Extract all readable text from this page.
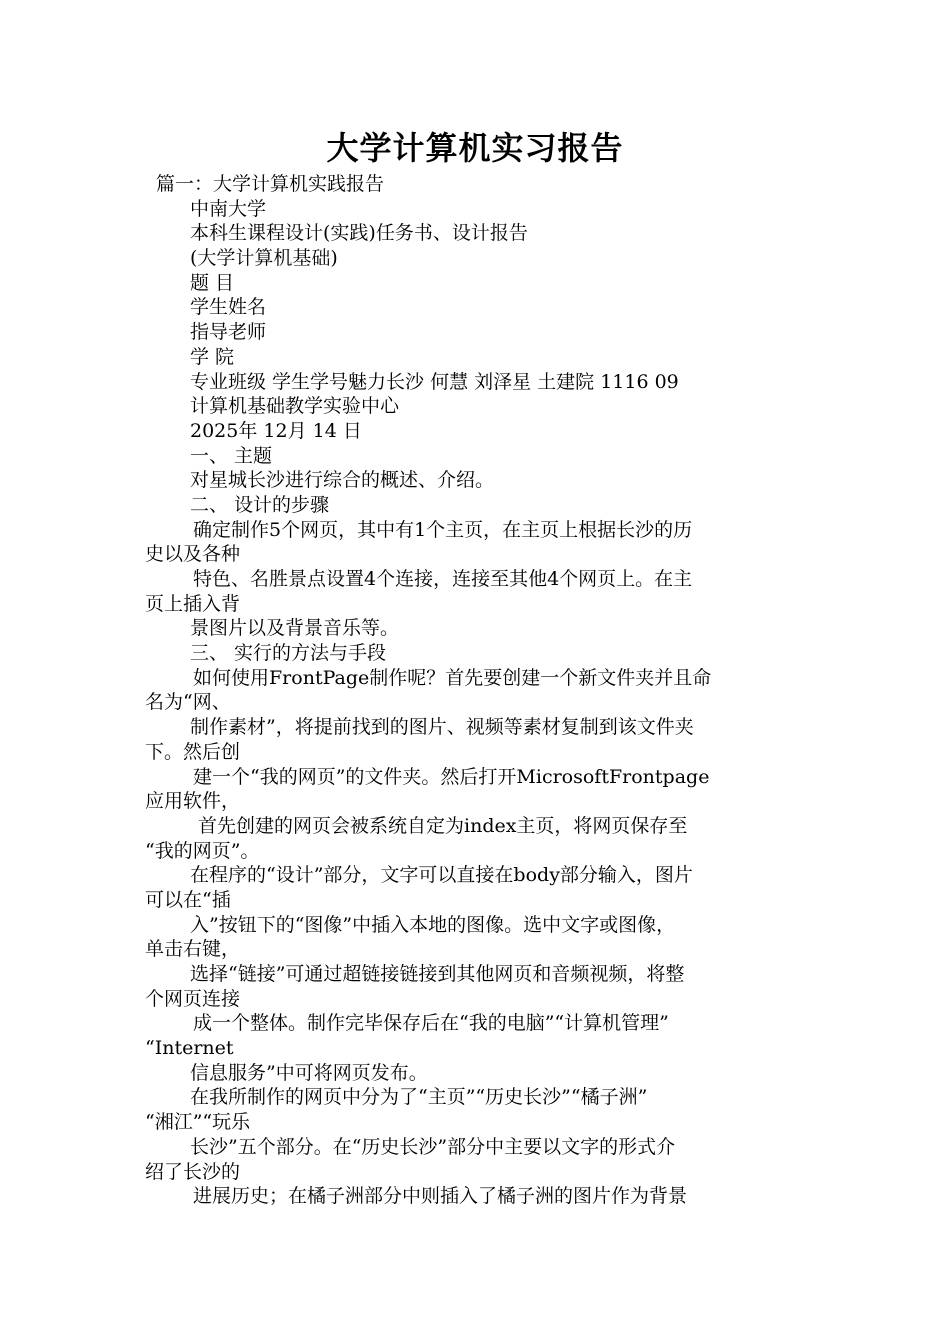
大学计算机实习报告
篇一：大学计算机实践报告
中南大学
本科生课程设计(实践)任务书、设计报告
(大学计算机基础)
题 目
学生姓名
指导老师
学 院
专业班级 学生学号魅力长沙 何慧 刘泽星 土建院 1116 09
计算机基础教学实验中心
2025年 12月 14 日
一、 主题
对星城长沙进行综合的概述、介绍。
二、 设计的步骤
确定制作5个网页，其中有1个主页，在主页上根据长沙的历
史以及各种
特色、名胜景点设置4个连接，连接至其他4个网页上。在主
页上插入背
景图片以及背景音乐等。
三、 实行的方法与手段
如何使用FrontPage制作呢？首先要创建一个新文件夹并且命
名为“网、
制作素材”，将提前找到的图片、视频等素材复制到该文件夹
下。然后创
建一个“我的网页”的文件夹。然后打开MicrosoftFrontpage
应用软件，
首先创建的网页会被系统自定为index主页，将网页保存至
“我的网页”。
在程序的“设计”部分，文字可以直接在body部分输入，图片
可以在“插
入”按钮下的“图像”中插入本地的图像。选中文字或图像，
单击右键，
选择“链接”可通过超链接链接到其他网页和音频视频，将整
个网页连接
成一个整体。制作完毕保存后在“我的电脑”“计算机管理”
“Internet
信息服务”中可将网页发布。
在我所制作的网页中分为了“主页”“历史长沙”“橘子洲”
“湘江”“玩乐
长沙”五个部分。在“历史长沙”部分中主要以文字的形式介
绍了长沙的
进展历史；在橘子洲部分中则插入了橘子洲的图片作为背景
